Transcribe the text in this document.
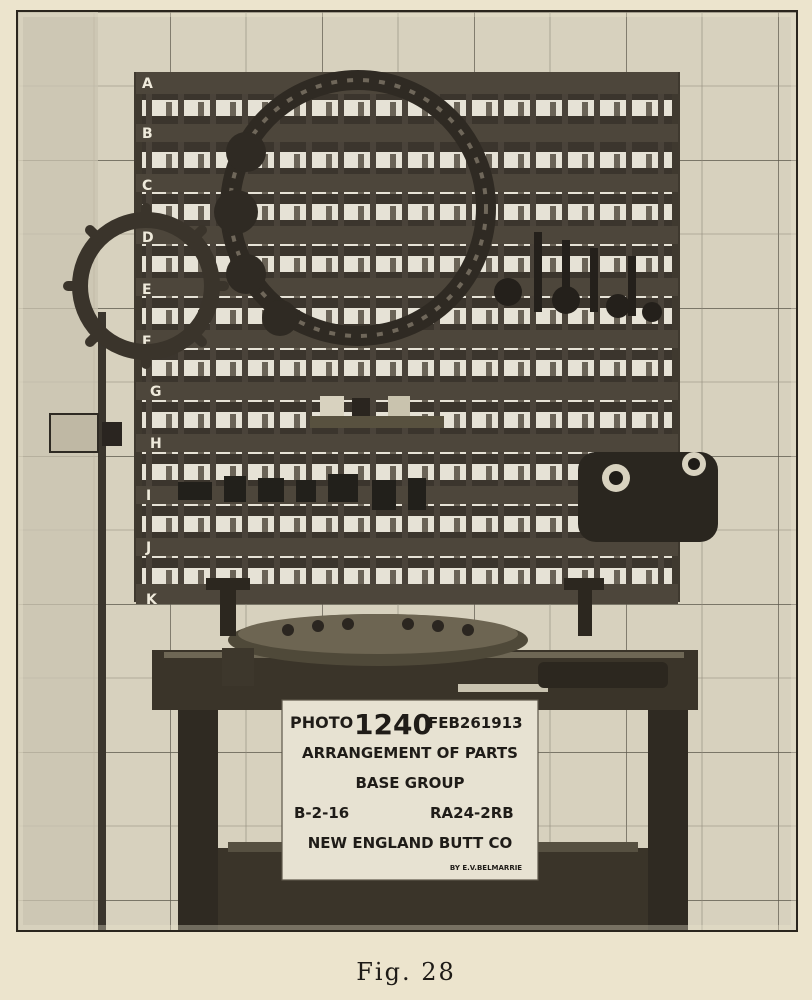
A
B
C
D
E
F
G
H
I
J
K
PHOTO 1240
FEB261913
ARRANGEMENT OF PARTS
BASE GROUP
B-2-16	RA24-2RB
NEW ENGLAND BUTT CO
BY E.V.BELMARRIE
Fig. 28
